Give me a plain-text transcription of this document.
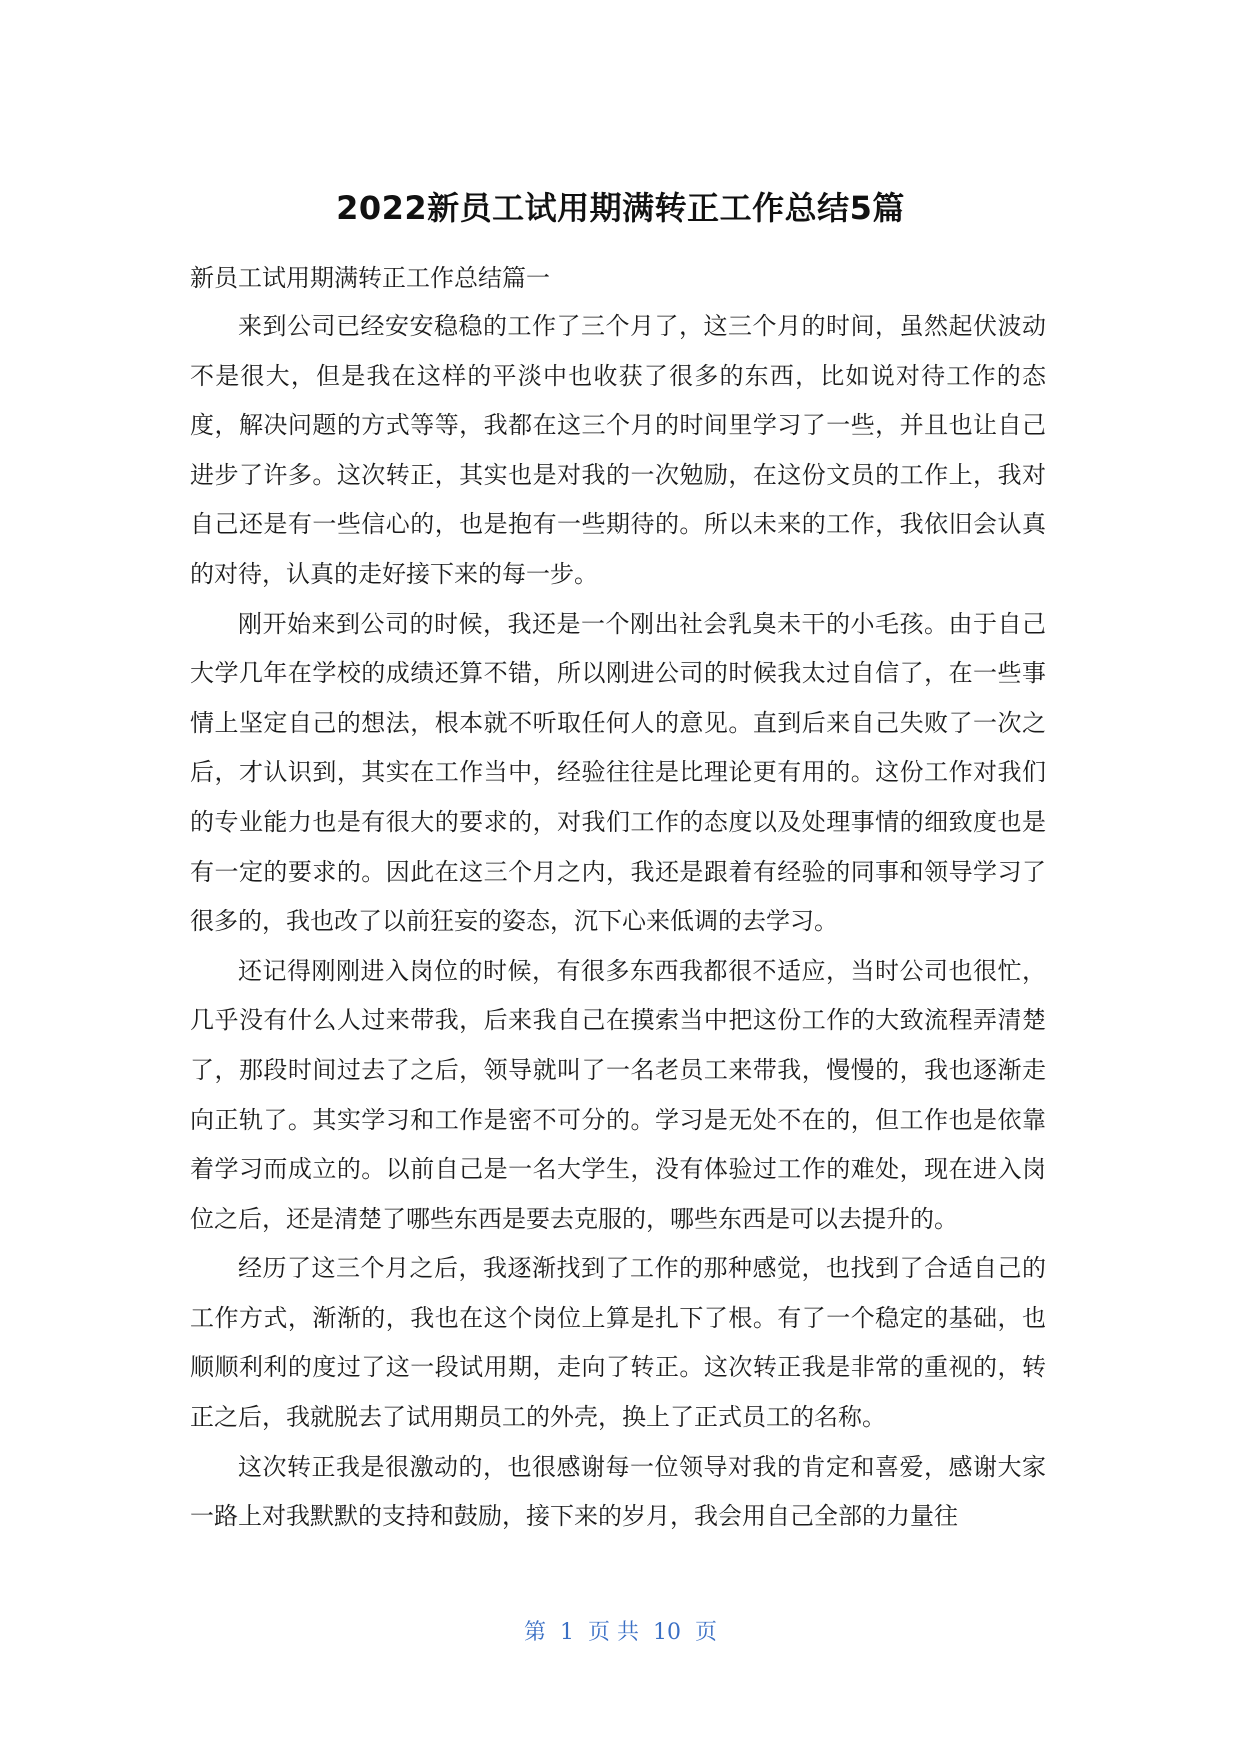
2022新员工试用期满转正工作总结5篇

新员工试用期满转正工作总结篇一

来到公司已经安安稳稳的工作了三个月了，这三个月的时间，虽然起伏波动不是很大，但是我在这样的平淡中也收获了很多的东西，比如说对待工作的态度，解决问题的方式等等，我都在这三个月的时间里学习了一些，并且也让自己进步了许多。这次转正，其实也是对我的一次勉励，在这份文员的工作上，我对自己还是有一些信心的，也是抱有一些期待的。所以未来的工作，我依旧会认真的对待，认真的走好接下来的每一步。

刚开始来到公司的时候，我还是一个刚出社会乳臭未干的小毛孩。由于自己大学几年在学校的成绩还算不错，所以刚进公司的时候我太过自信了，在一些事情上坚定自己的想法，根本就不听取任何人的意见。直到后来自己失败了一次之后，才认识到，其实在工作当中，经验往往是比理论更有用的。这份工作对我们的专业能力也是有很大的要求的，对我们工作的态度以及处理事情的细致度也是有一定的要求的。因此在这三个月之内，我还是跟着有经验的同事和领导学习了很多的，我也改了以前狂妄的姿态，沉下心来低调的去学习。

还记得刚刚进入岗位的时候，有很多东西我都很不适应，当时公司也很忙，几乎没有什么人过来带我，后来我自己在摸索当中把这份工作的大致流程弄清楚了，那段时间过去了之后，领导就叫了一名老员工来带我，慢慢的，我也逐渐走向正轨了。其实学习和工作是密不可分的。学习是无处不在的，但工作也是依靠着学习而成立的。以前自己是一名大学生，没有体验过工作的难处，现在进入岗位之后，还是清楚了哪些东西是要去克服的，哪些东西是可以去提升的。

经历了这三个月之后，我逐渐找到了工作的那种感觉，也找到了合适自己的工作方式，渐渐的，我也在这个岗位上算是扎下了根。有了一个稳定的基础，也顺顺利利的度过了这一段试用期，走向了转正。这次转正我是非常的重视的，转正之后，我就脱去了试用期员工的外壳，换上了正式员工的名称。

这次转正我是很激动的，也很感谢每一位领导对我的肯定和喜爱，感谢大家一路上对我默默的支持和鼓励，接下来的岁月，我会用自己全部的力量往

第  1  页 共  10  页
